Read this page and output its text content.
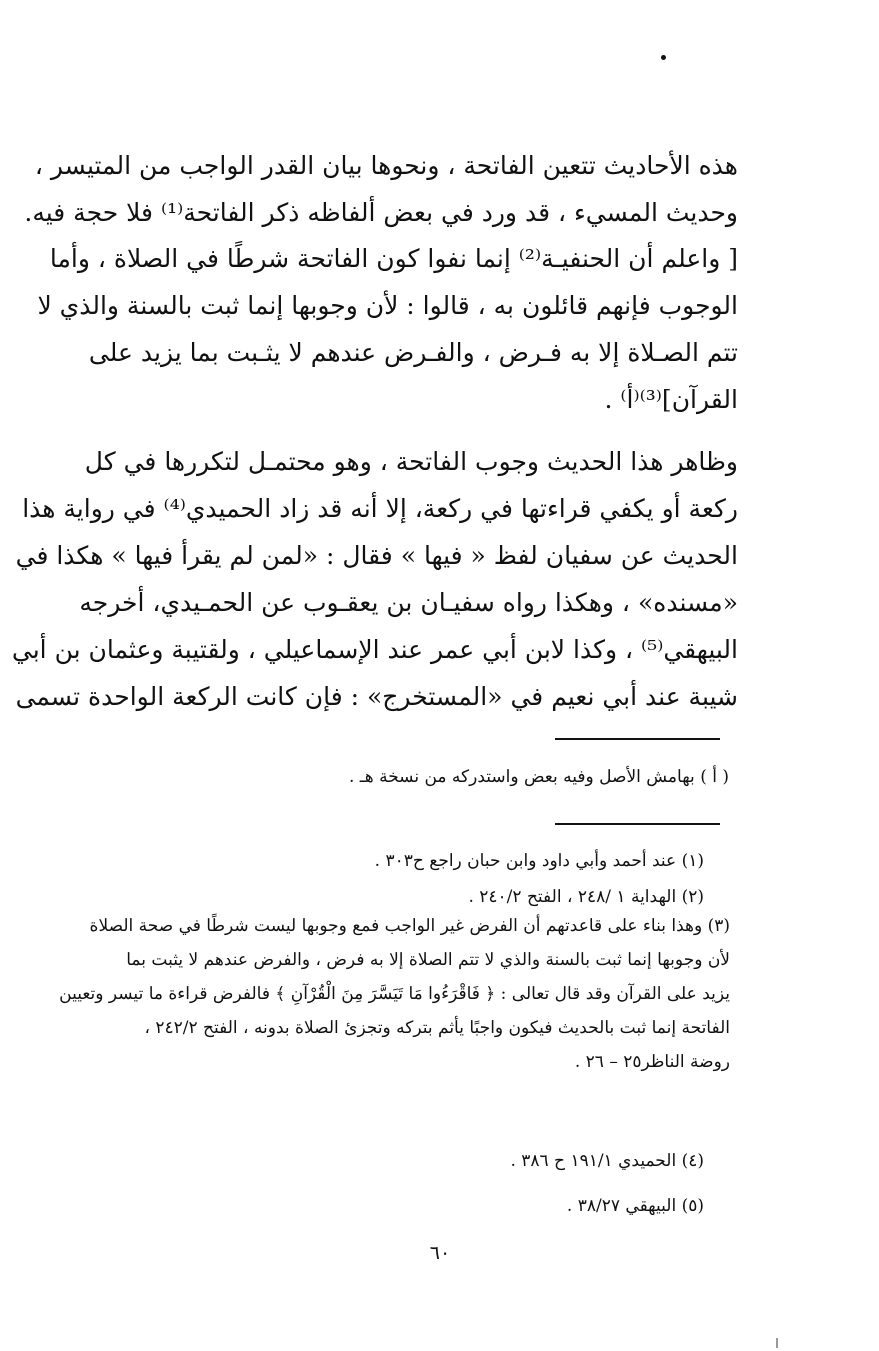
هذه الأحاديث تتعين الفاتحة ، ونحوها بيان القدر الواجب من المتيسر ،
وحديث المسيء ، قد ورد في بعض ألفاظه ذكر الفاتحة⁽¹⁾ فلا حجة فيه.
[ واعلم أن الحنفيـة⁽²⁾ إنما نفوا كون الفاتحة شرطًا في الصلاة ، وأما
الوجوب فإنهم قائلون به ، قالوا : لأن وجوبها إنما ثبت بالسنة والذي لا
تتم الصـلاة إلا به فـرض ، والفـرض عندهم لا يثـبت بما يزيد على
القرآن]⁽³⁾⁽أ⁾ .
وظاهر هذا الحديث وجوب الفاتحة ، وهو محتمـل لتكررها في كل
ركعة أو يكفي قراءتها في ركعة، إلا أنه قد زاد الحميدي⁽⁴⁾ في رواية هذا
الحديث عن سفيان لفظ « فيها » فقال : «لمن لم يقرأ فيها » هكذا في
«مسنده» ، وهكذا رواه سفيـان بن يعقـوب عن الحمـيدي، أخرجه
البيهقي⁽⁵⁾ ، وكذا لابن أبي عمر عند الإسماعيلي ، ولقتيبة وعثمان بن أبي
شيبة عند أبي نعيم في «المستخرج» : فإن كانت الركعة الواحدة تسمى
( أ ) بهامش الأصل وفيه بعض واستدركه من نسخة هـ .
(١) عند أحمد وأبي داود وابن حبان راجع ح٣٠٣ .
(٢) الهداية ١ /٢٤٨ ، الفتح ٢٤٠/٢ .
(٣) وهذا بناء على قاعدتهم أن الفرض غير الواجب فمع وجوبها ليست شرطًا في صحة الصلاة
لأن وجوبها إنما ثبت بالسنة والذي لا تتم الصلاة إلا به فرض ، والفرض عندهم لا يثبت بما
يزيد على القرآن وقد قال تعالى : ﴿ فَاقْرَءُوا مَا تَيَسَّرَ مِنَ الْقُرْآنِ ﴾ فالفرض قراءة ما تيسر وتعيين
الفاتحة إنما ثبت بالحديث فيكون واجبًا يأثم بتركه وتجزئ الصلاة بدونه ، الفتح ٢٤٢/٢ ،
روضة الناظر٢٥ – ٢٦ .
(٤) الحميدي ١٩١/١ ح ٣٨٦ .
(٥) البيهقي ٣٨/٢٧ .
٦٠
